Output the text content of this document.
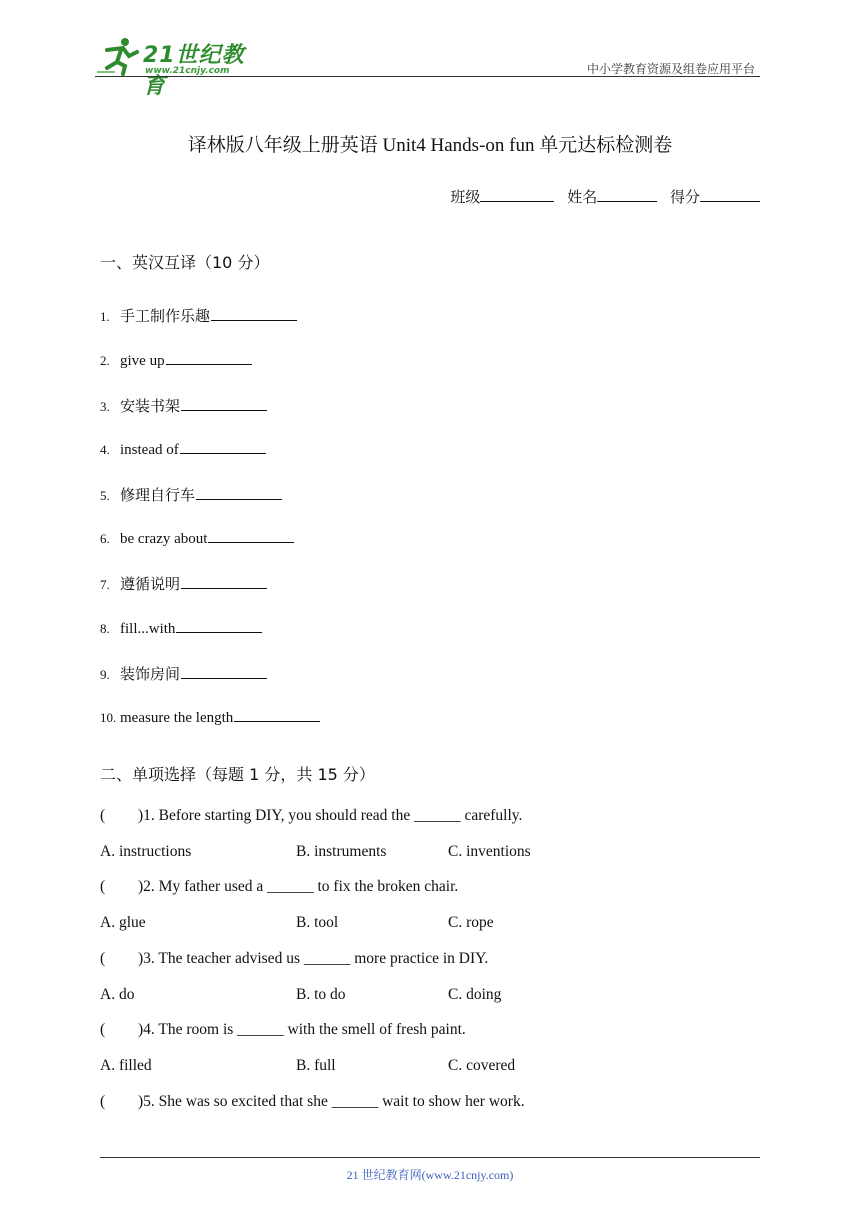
21世纪教育
www.21cnjy.com	中小学教育资源及组卷应用平台
译林版八年级上册英语 Unit4 Hands-on fun 单元达标检测卷
班级	姓名	得分
一、英汉互译（10 分）
1. 手工制作乐趣
2. give up
3. 安装书架
4. instead of
5. 修理自行车
6. be crazy about
7. 遵循说明
8. fill...with
9. 装饰房间
10. measure the length
二、单项选择（每题 1 分，共 15 分）
( )1. Before starting DIY, you should read the ______ carefully.
A. instructions	B. instruments	C. inventions
( )2. My father used a ______ to fix the broken chair.
A. glue	B. tool	C. rope
( )3. The teacher advised us ______ more practice in DIY.
A. do	B. to do	C. doing
( )4. The room is ______ with the smell of fresh paint.
A. filled	B. full	C. covered
( )5. She was so excited that she ______ wait to show her work.
21 世纪教育网(www.21cnjy.com)
